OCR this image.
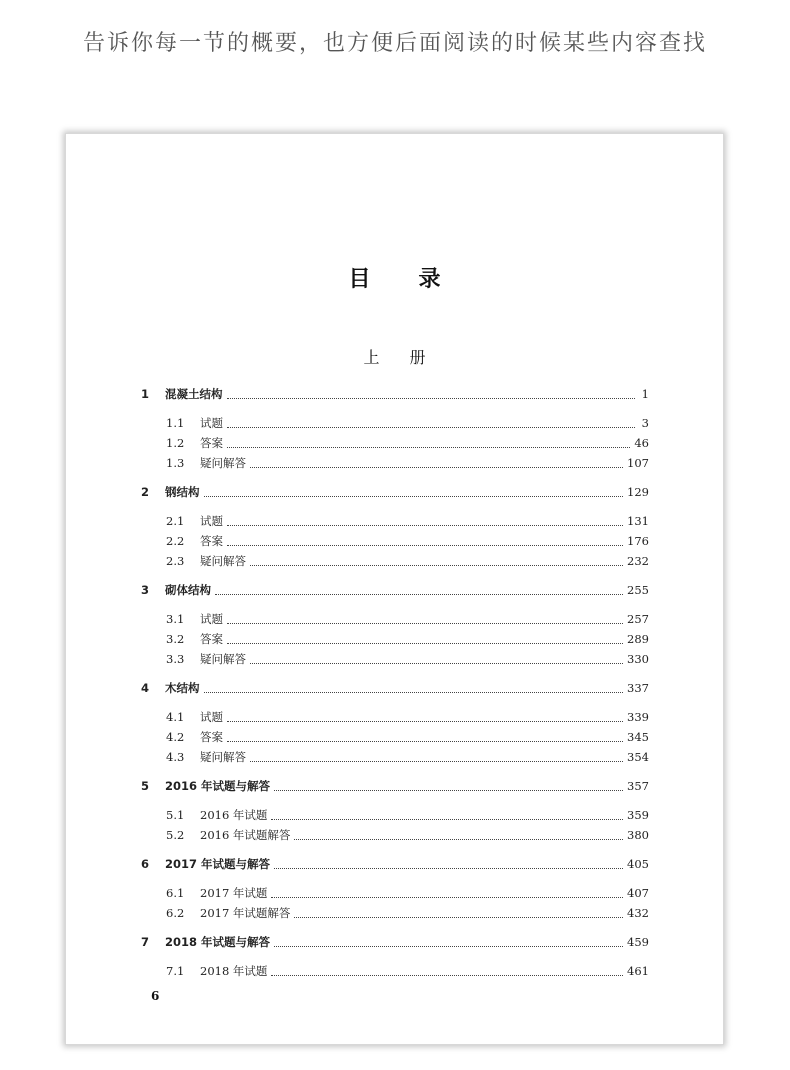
告诉你每一节的概要，也方便后面阅读的时候某些内容查找
目录
上册
1	混凝土结构	1
1.1	试题	3
1.2	答案	46
1.3	疑问解答	107
2	钢结构	129
2.1	试题	131
2.2	答案	176
2.3	疑问解答	232
3	砌体结构	255
3.1	试题	257
3.2	答案	289
3.3	疑问解答	330
4	木结构	337
4.1	试题	339
4.2	答案	345
4.3	疑问解答	354
5	2016 年试题与解答	357
5.1	2016 年试题	359
5.2	2016 年试题解答	380
6	2017 年试题与解答	405
6.1	2017 年试题	407
6.2	2017 年试题解答	432
7	2018 年试题与解答	459
7.1	2018 年试题	461
6
